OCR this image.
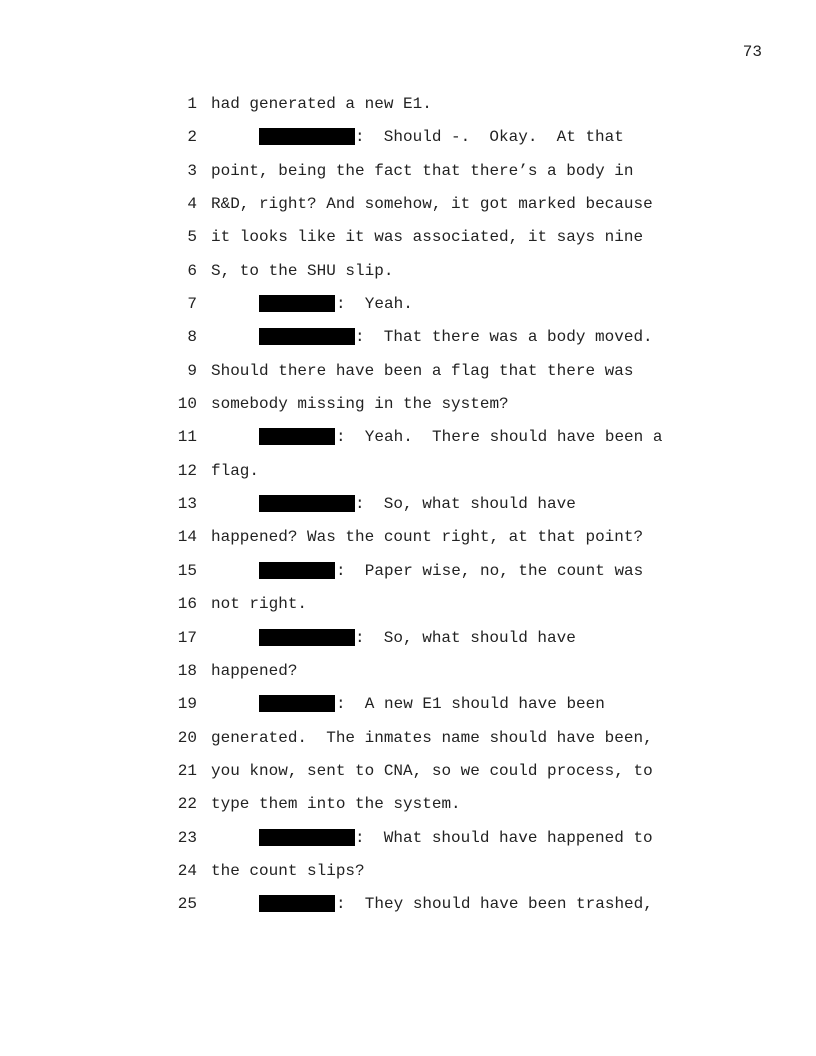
73

1

had generated a new E1.

2

	:  Should -.  Okay.  At that

3

point, being the fact that there’s a body in

4

R&D, right? And somehow, it got marked because

5

it looks like it was associated, it says nine

6

S, to the SHU slip.

7

	:  Yeah.

8

	:  That there was a body moved.

9

Should there have been a flag that there was

10

somebody missing in the system?

11

	:  Yeah.  There should have been a

12

flag.

13

	:  So, what should have

14

happened? Was the count right, at that point?

15

	:  Paper wise, no, the count was

16

not right.

17

	:  So, what should have

18

happened?

19

	:  A new E1 should have been

20

generated.  The inmates name should have been,

21

you know, sent to CNA, so we could process, to

22

type them into the system.

23

	:  What should have happened to

24

the count slips?

25

	:  They should have been trashed,
